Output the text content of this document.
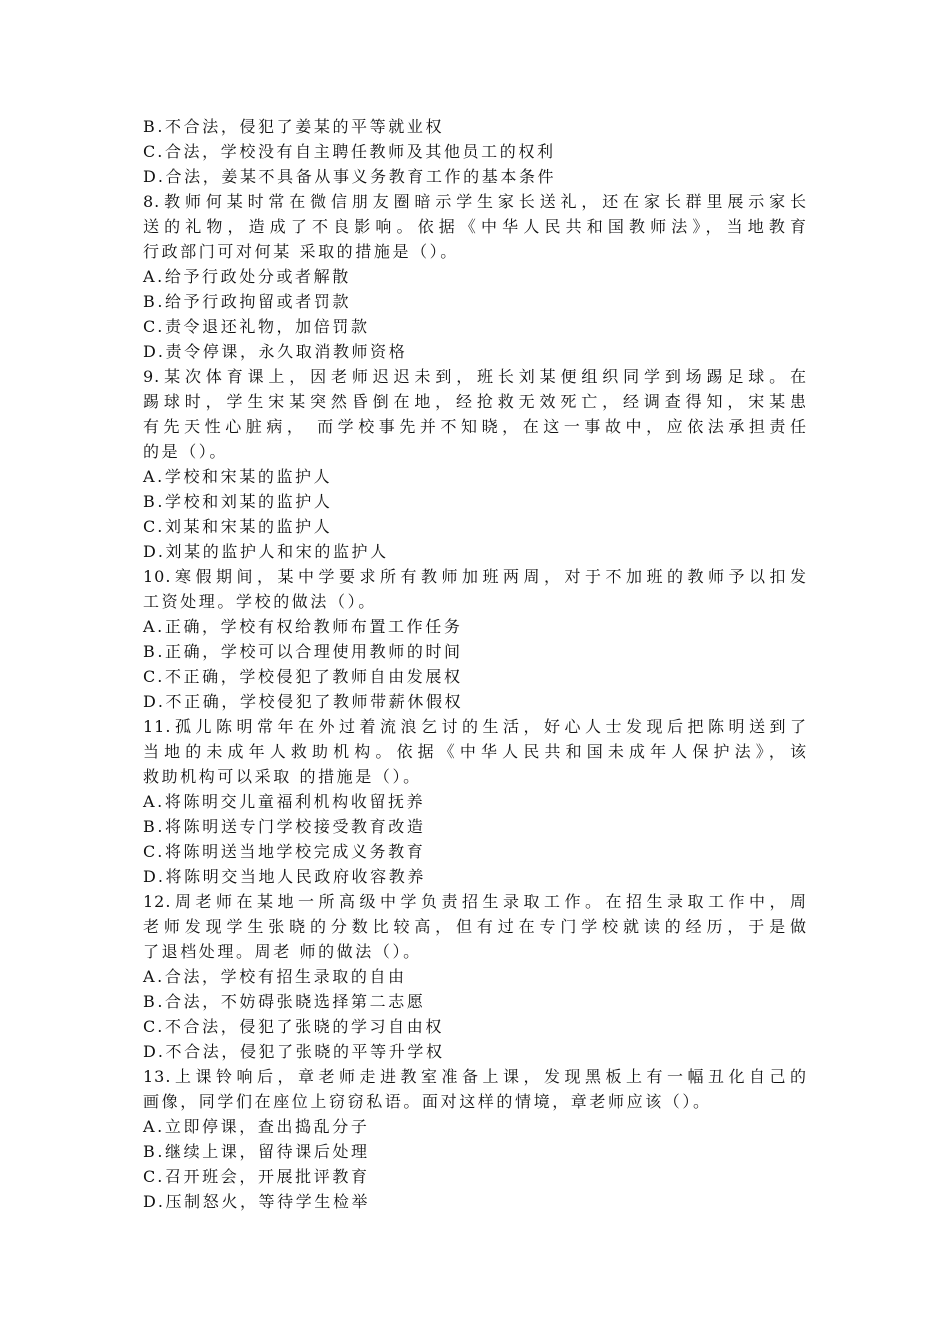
B.不合法，侵犯了姜某的平等就业权
C.合法，学校没有自主聘任教师及其他员工的权利
D.合法，姜某不具备从事义务教育工作的基本条件
8.教师何某时常在微信朋友圈暗示学生家长送礼，还在家长群里展示家长
送的礼物，造成了不良影响。依据《中华人民共和国教师法》，当地教育
行政部门可对何某 采取的措施是（）。
A.给予行政处分或者解散
B.给予行政拘留或者罚款
C.责令退还礼物，加倍罚款
D.责令停课，永久取消教师资格
9.某次体育课上，因老师迟迟未到，班长刘某便组织同学到场踢足球。在
踢球时，学生宋某突然昏倒在地，经抢救无效死亡，经调查得知，宋某患
有先天性心脏病， 而学校事先并不知晓，在这一事故中，应依法承担责任
的是（）。
A.学校和宋某的监护人
B.学校和刘某的监护人
C.刘某和宋某的监护人
D.刘某的监护人和宋的监护人
10.寒假期间，某中学要求所有教师加班两周，对于不加班的教师予以扣发
工资处理。学校的做法（）。
A.正确，学校有权给教师布置工作任务
B.正确，学校可以合理使用教师的时间
C.不正确，学校侵犯了教师自由发展权
D.不正确，学校侵犯了教师带薪休假权
11.孤儿陈明常年在外过着流浪乞讨的生活，好心人士发现后把陈明送到了
当地的未成年人救助机构。依据《中华人民共和国未成年人保护法》，该
救助机构可以采取 的措施是（）。
A.将陈明交儿童福利机构收留抚养
B.将陈明送专门学校接受教育改造
C.将陈明送当地学校完成义务教育
D.将陈明交当地人民政府收容教养
12.周老师在某地一所高级中学负责招生录取工作。在招生录取工作中，周
老师发现学生张晓的分数比较高，但有过在专门学校就读的经历，于是做
了退档处理。周老 师的做法（）。
A.合法，学校有招生录取的自由
B.合法，不妨碍张晓选择第二志愿
C.不合法，侵犯了张晓的学习自由权
D.不合法，侵犯了张晓的平等升学权
13.上课铃响后，章老师走进教室准备上课，发现黑板上有一幅丑化自己的
画像，同学们在座位上窃窃私语。面对这样的情境，章老师应该（）。
A.立即停课，查出捣乱分子
B.继续上课，留待课后处理
C.召开班会，开展批评教育
D.压制怒火，等待学生检举
